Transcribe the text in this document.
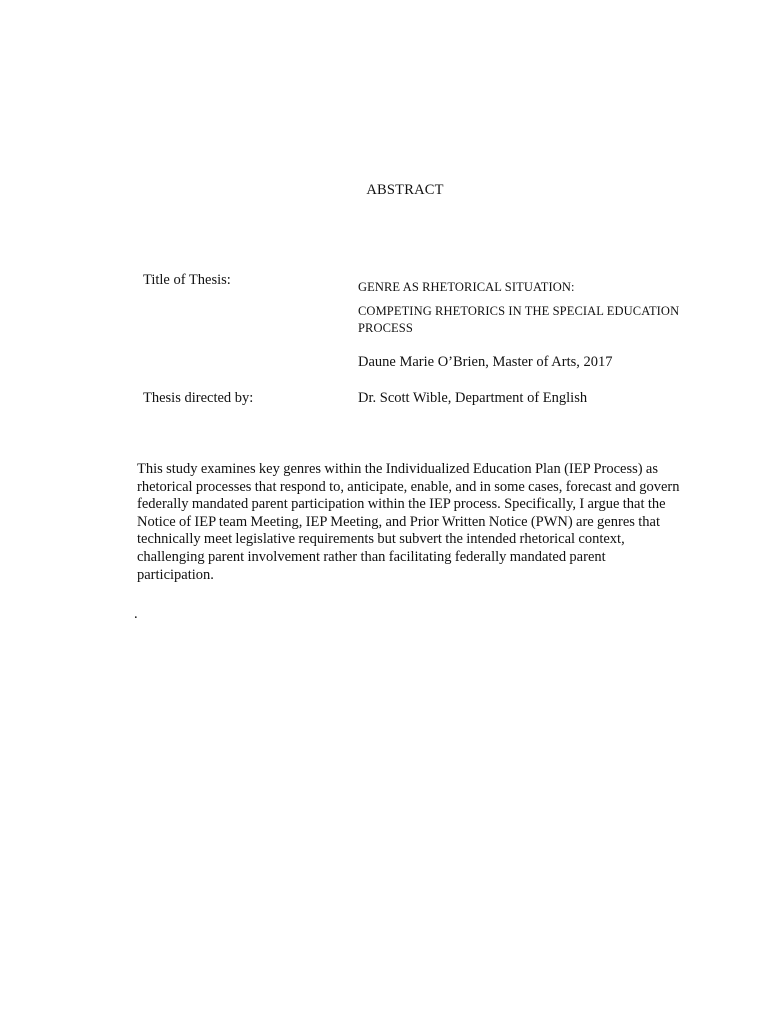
ABSTRACT
Title of Thesis:	GENRE AS RHETORICAL SITUATION:
COMPETING RHETORICS IN THE SPECIAL EDUCATION PROCESS
Daune Marie O’Brien, Master of Arts, 2017
Thesis directed by:	Dr. Scott Wible, Department of English
This study examines key genres within the Individualized Education Plan (IEP Process) as rhetorical processes that respond to, anticipate, enable, and in some cases, forecast and govern federally mandated parent participation within the IEP process. Specifically, I argue that the Notice of IEP team Meeting, IEP Meeting, and Prior Written Notice (PWN) are genres that technically meet legislative requirements but subvert the intended rhetorical context, challenging parent involvement rather than facilitating federally mandated parent participation.
.
